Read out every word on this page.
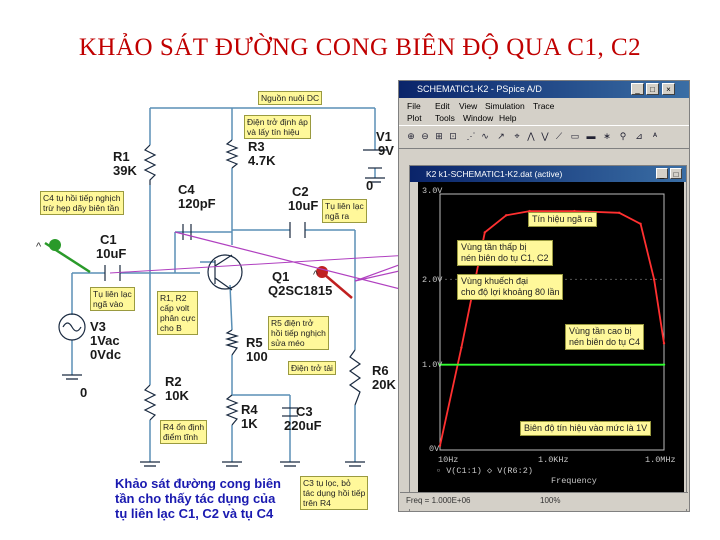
KHẢO SÁT ĐƯỜNG CONG BIÊN ĐỘ QUA C1, C2
^
^
R1
39K
R3
4.7K
C4
120pF
C2
10uF
C1
10uF
Q1
Q2SC1815
V1
9V
V3
1Vac
0Vdc
R5
100
R6
20K
R2
10K
R4
1K
C3
220uF
0
0
Nguồn nuôi DC
Điện trở định áp
và lấy tín hiệu
C4 tụ hồi tiếp nghịch
trừ hẹp dãy biên tần	Tụ liên lạc
ngã ra
Tụ liên lạc
ngã vào
R1, R2
cấp volt
phân cực
cho B	R5 điện trở
hồi tiếp nghịch
sửa méo
Điện trở tải
R4 ổn định
điểm tĩnh
C3 tụ lọc, bỏ
tác dụng hồi tiếp
trên R4
Khảo sát đường cong biên
tần cho thấy tác dụng của
tụ liên lạc C1, C2 và tụ C4
SCHEMATIC1-K2 - PSpice A/D	_	□	×
File Edit View Simulation Trace
Plot Tools Window Help
⊕ ⊖ ⊞ ⊡ ⋰ ∿ ↗	⌖ ⋀ ⋁ ⟋ ▭ ▬ ∗ ⚲ ⊿	ᴬ
K2 k1-SCHEMATIC1-K2.dat (active)	_	□
3.0V
2.0V
1.0V
0V
10Hz	1.0KHz	1.0MHz
▫ V(C1:1) ◇ V(R6:2)
Frequency
Tín hiệu ngã ra
Vùng tần thấp bị
nén biên do tụ C1, C2
Vùng khuếch đại
cho độ lợi khoảng 80 lần
Vùng tần cao bị
nén biên do tụ C4
Biên độ tín hiệu vào mức là 1V
Freq = 1.000E+06	100%
